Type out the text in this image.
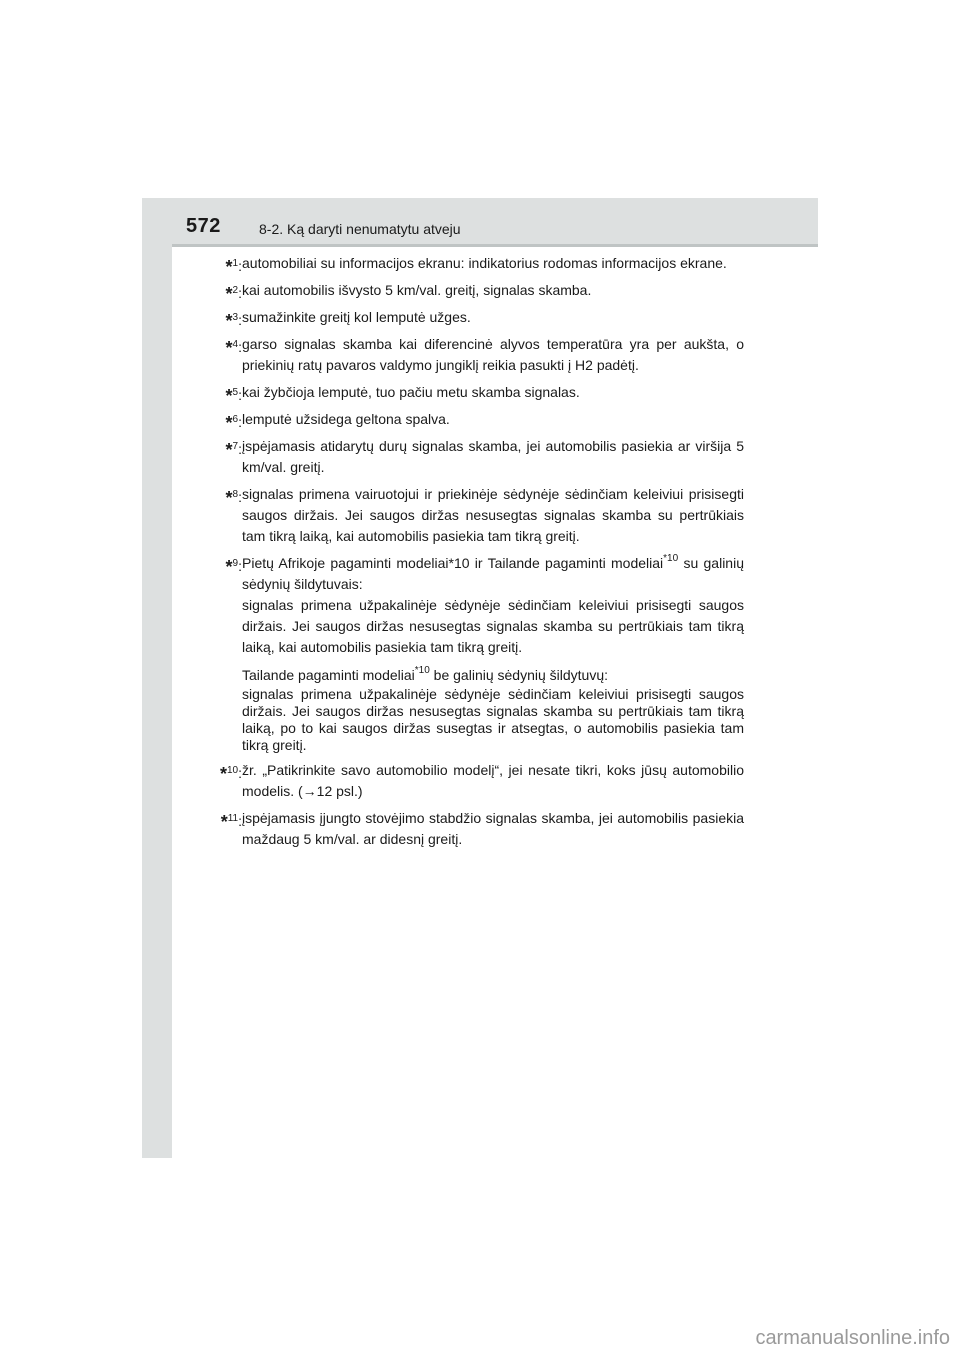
572	8-2. Ką daryti nenumatytu atveju
*$^1$: automobiliai su informacijos ekranu: indikatorius rodomas informacijos ekrane.

*$^2$: kai automobilis išvysto 5 km/val. greitį, signalas skamba.

*$^3$: sumažinkite greitį kol lemputė užges.

*$^4$: garso signalas skamba kai diferencinė alyvos temperatūra yra per aukšta, o priekinių ratų pavaros valdymo jungiklį reikia pasukti į H2 padėtį.

*$^5$: kai žybčioja lemputė, tuo pačiu metu skamba signalas.

*$^6$: lemputė užsidega geltona spalva.

*$^7$: įspėjamasis atidarytų durų signalas skamba, jei automobilis pasiekia ar viršija 5 km/val. greitį.

*$^8$: signalas primena vairuotojui ir priekinėje sėdynėje sėdinčiam keleiviui prisisegti saugos diržais. Jei saugos diržas nesusegtas signalas skamba su pertrūkiais tam tikrą laiką, kai automobilis pasiekia tam tikrą greitį.

*$^9$: Pietų Afrikoje pagaminti modeliai*10 ir Tailande pagaminti modeliai$^{*10}$ su galinių sėdynių šildytuvais:

signalas primena užpakalinėje sėdynėje sėdinčiam keleiviui prisisegti saugos diržais. Jei saugos diržas nesusegtas signalas skamba su pertrūkiais tam tikrą laiką, kai automobilis pasiekia tam tikrą greitį.

Tailande pagaminti modeliai$^{*10}$ be galinių sėdynių šildytuvų:

signalas primena užpakalinėje sėdynėje sėdinčiam keleiviui prisisegti saugos diržais. Jei saugos diržas nesusegtas signalas skamba su pertrūkiais tam tikrą laiką, po to kai saugos diržas susegtas ir atsegtas, o automobilis pasiekia tam tikrą greitį.

*$^{10}$: žr. „Patikrinkite savo automobilio modelį“, jei nesate tikri, koks jūsų automobilio modelis. (→12 psl.)

*$^{11}$: įspėjamasis įjungto stovėjimo stabdžio signalas skamba, jei automobilis pasiekia maždaug 5 km/val. ar didesnį greitį.

carmanualsonline.info
